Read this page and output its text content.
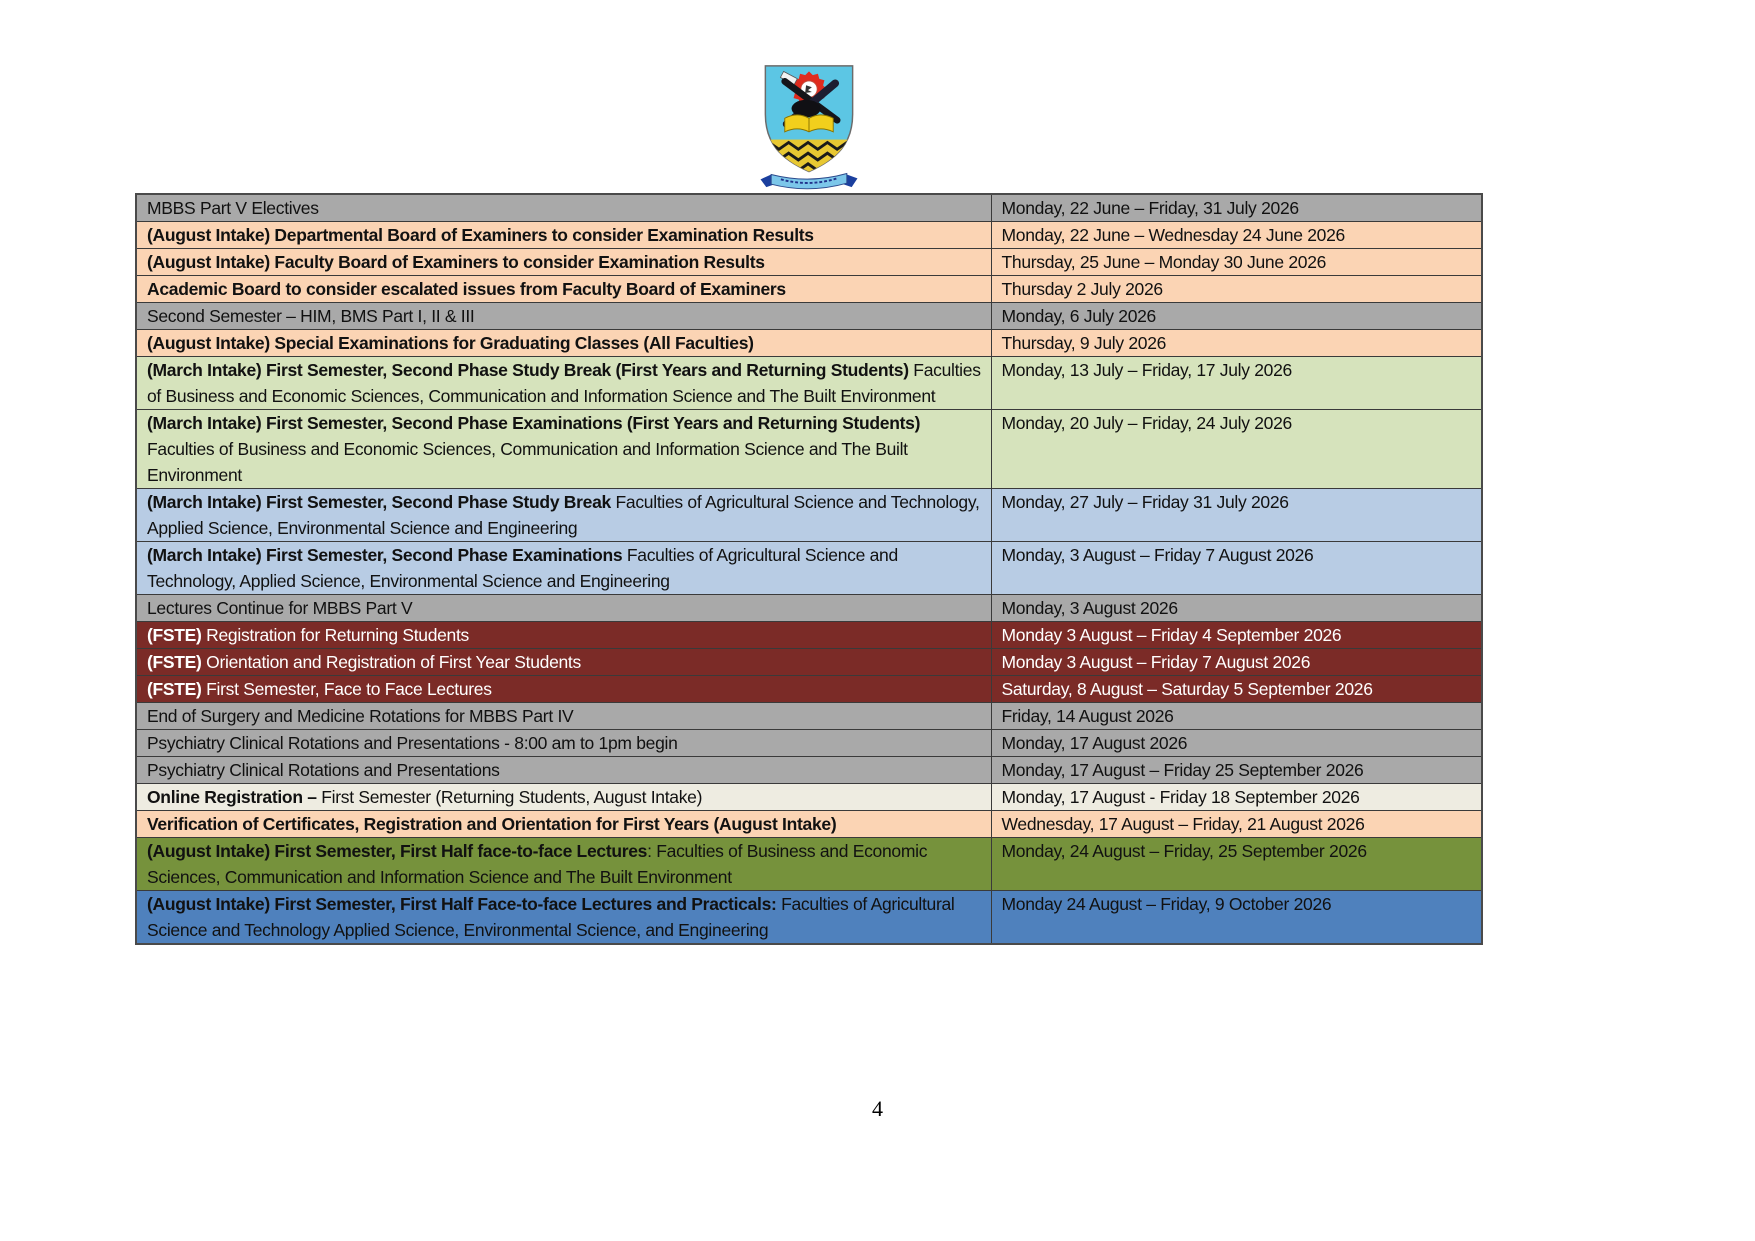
MBBS Part V Electives	Monday, 22 June – Friday, 31 July 2026
(August Intake) Departmental Board of Examiners to consider Examination Results	Monday, 22 June – Wednesday 24 June 2026
(August Intake) Faculty Board of Examiners to consider Examination Results	Thursday, 25 June – Monday 30 June 2026
Academic Board to consider escalated issues from Faculty Board of Examiners	Thursday 2 July 2026
Second Semester – HIM, BMS Part I, II & III	Monday, 6 July 2026
(August Intake) Special Examinations for Graduating Classes (All Faculties)	Thursday, 9 July 2026
(March Intake) First Semester, Second Phase Study Break (First Years and Returning Students) Faculties of Business and Economic Sciences, Communication and Information Science and The Built Environment	Monday, 13 July – Friday, 17 July 2026
(March Intake) First Semester, Second Phase Examinations (First Years and Returning Students) Faculties of Business and Economic Sciences, Communication and Information Science and The Built Environment	Monday, 20 July – Friday, 24 July 2026
(March Intake) First Semester, Second Phase Study Break Faculties of Agricultural Science and Technology, Applied Science, Environmental Science and Engineering	Monday, 27 July – Friday 31 July 2026
(March Intake) First Semester, Second Phase Examinations Faculties of Agricultural Science and Technology, Applied Science, Environmental Science and Engineering	Monday, 3 August – Friday 7 August 2026
Lectures Continue for MBBS Part V	Monday, 3 August 2026
(FSTE) Registration for Returning Students	Monday 3 August – Friday 4 September 2026
(FSTE) Orientation and Registration of First Year Students	Monday 3 August – Friday 7 August 2026
(FSTE) First Semester, Face to Face Lectures	Saturday, 8 August – Saturday 5 September 2026
End of Surgery and Medicine Rotations for MBBS Part IV	Friday, 14 August 2026
Psychiatry Clinical Rotations and Presentations - 8:00 am to 1pm begin	Monday, 17 August 2026
Psychiatry Clinical Rotations and Presentations	Monday, 17 August – Friday 25 September 2026
Online Registration – First Semester (Returning Students, August Intake)	Monday, 17 August - Friday 18 September 2026
Verification of Certificates, Registration and Orientation for First Years (August Intake)	Wednesday, 17 August – Friday, 21 August 2026
(August Intake) First Semester, First Half face-to-face Lectures: Faculties of Business and Economic Sciences, Communication and Information Science and The Built Environment	Monday, 24 August – Friday, 25 September 2026
(August Intake) First Semester, First Half Face-to-face Lectures and Practicals: Faculties of Agricultural Science and Technology Applied Science, Environmental Science, and Engineering	Monday 24 August – Friday, 9 October 2026
4
